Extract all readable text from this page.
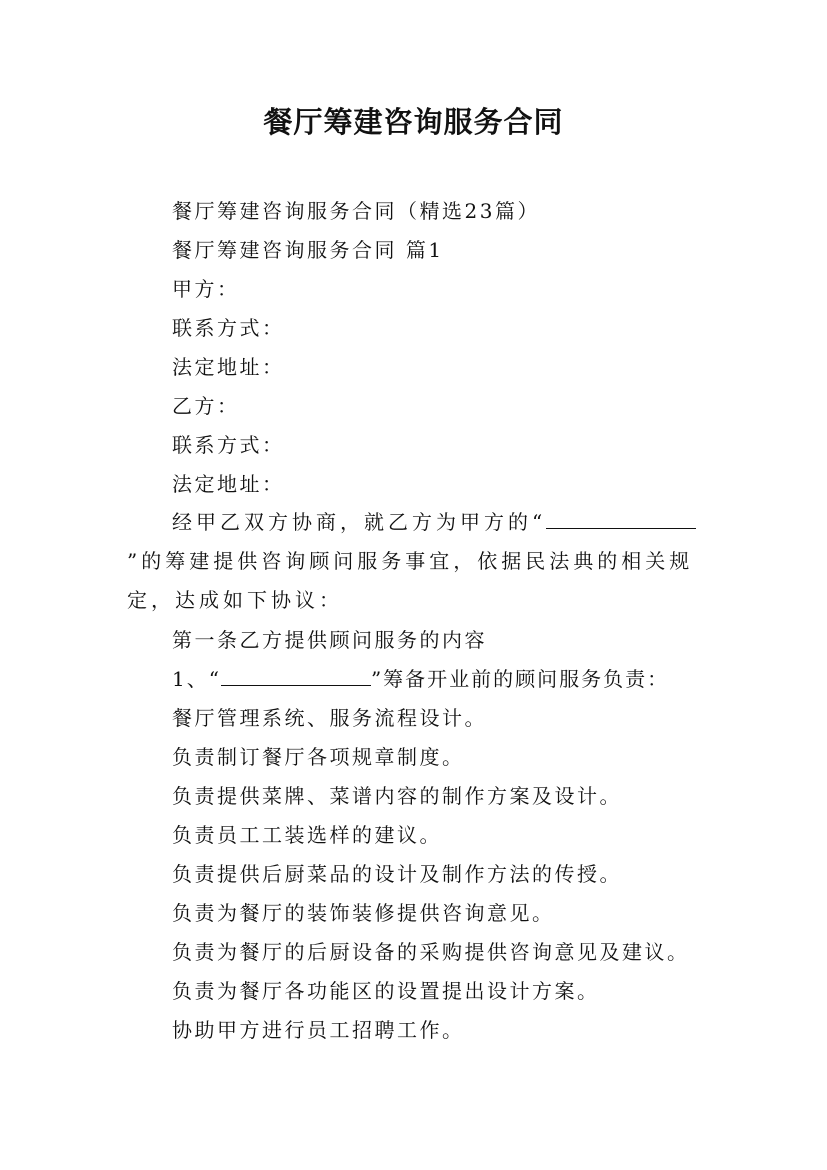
餐厅筹建咨询服务合同
餐厅筹建咨询服务合同（精选23篇）
餐厅筹建咨询服务合同 篇1
甲方：
联系方式：
法定地址：
乙方：
联系方式：
法定地址：
经甲乙双方协商，就乙方为甲方的“”的筹建提供咨询顾问服务事宜，依据民法典的相关规定，达成如下协议：
第一条乙方提供顾问服务的内容
1、“	”筹备开业前的顾问服务负责：
餐厅管理系统、服务流程设计。
负责制订餐厅各项规章制度。
负责提供菜牌、菜谱内容的制作方案及设计。
负责员工工装选样的建议。
负责提供后厨菜品的设计及制作方法的传授。
负责为餐厅的装饰装修提供咨询意见。
负责为餐厅的后厨设备的采购提供咨询意见及建议。
负责为餐厅各功能区的设置提出设计方案。
协助甲方进行员工招聘工作。
